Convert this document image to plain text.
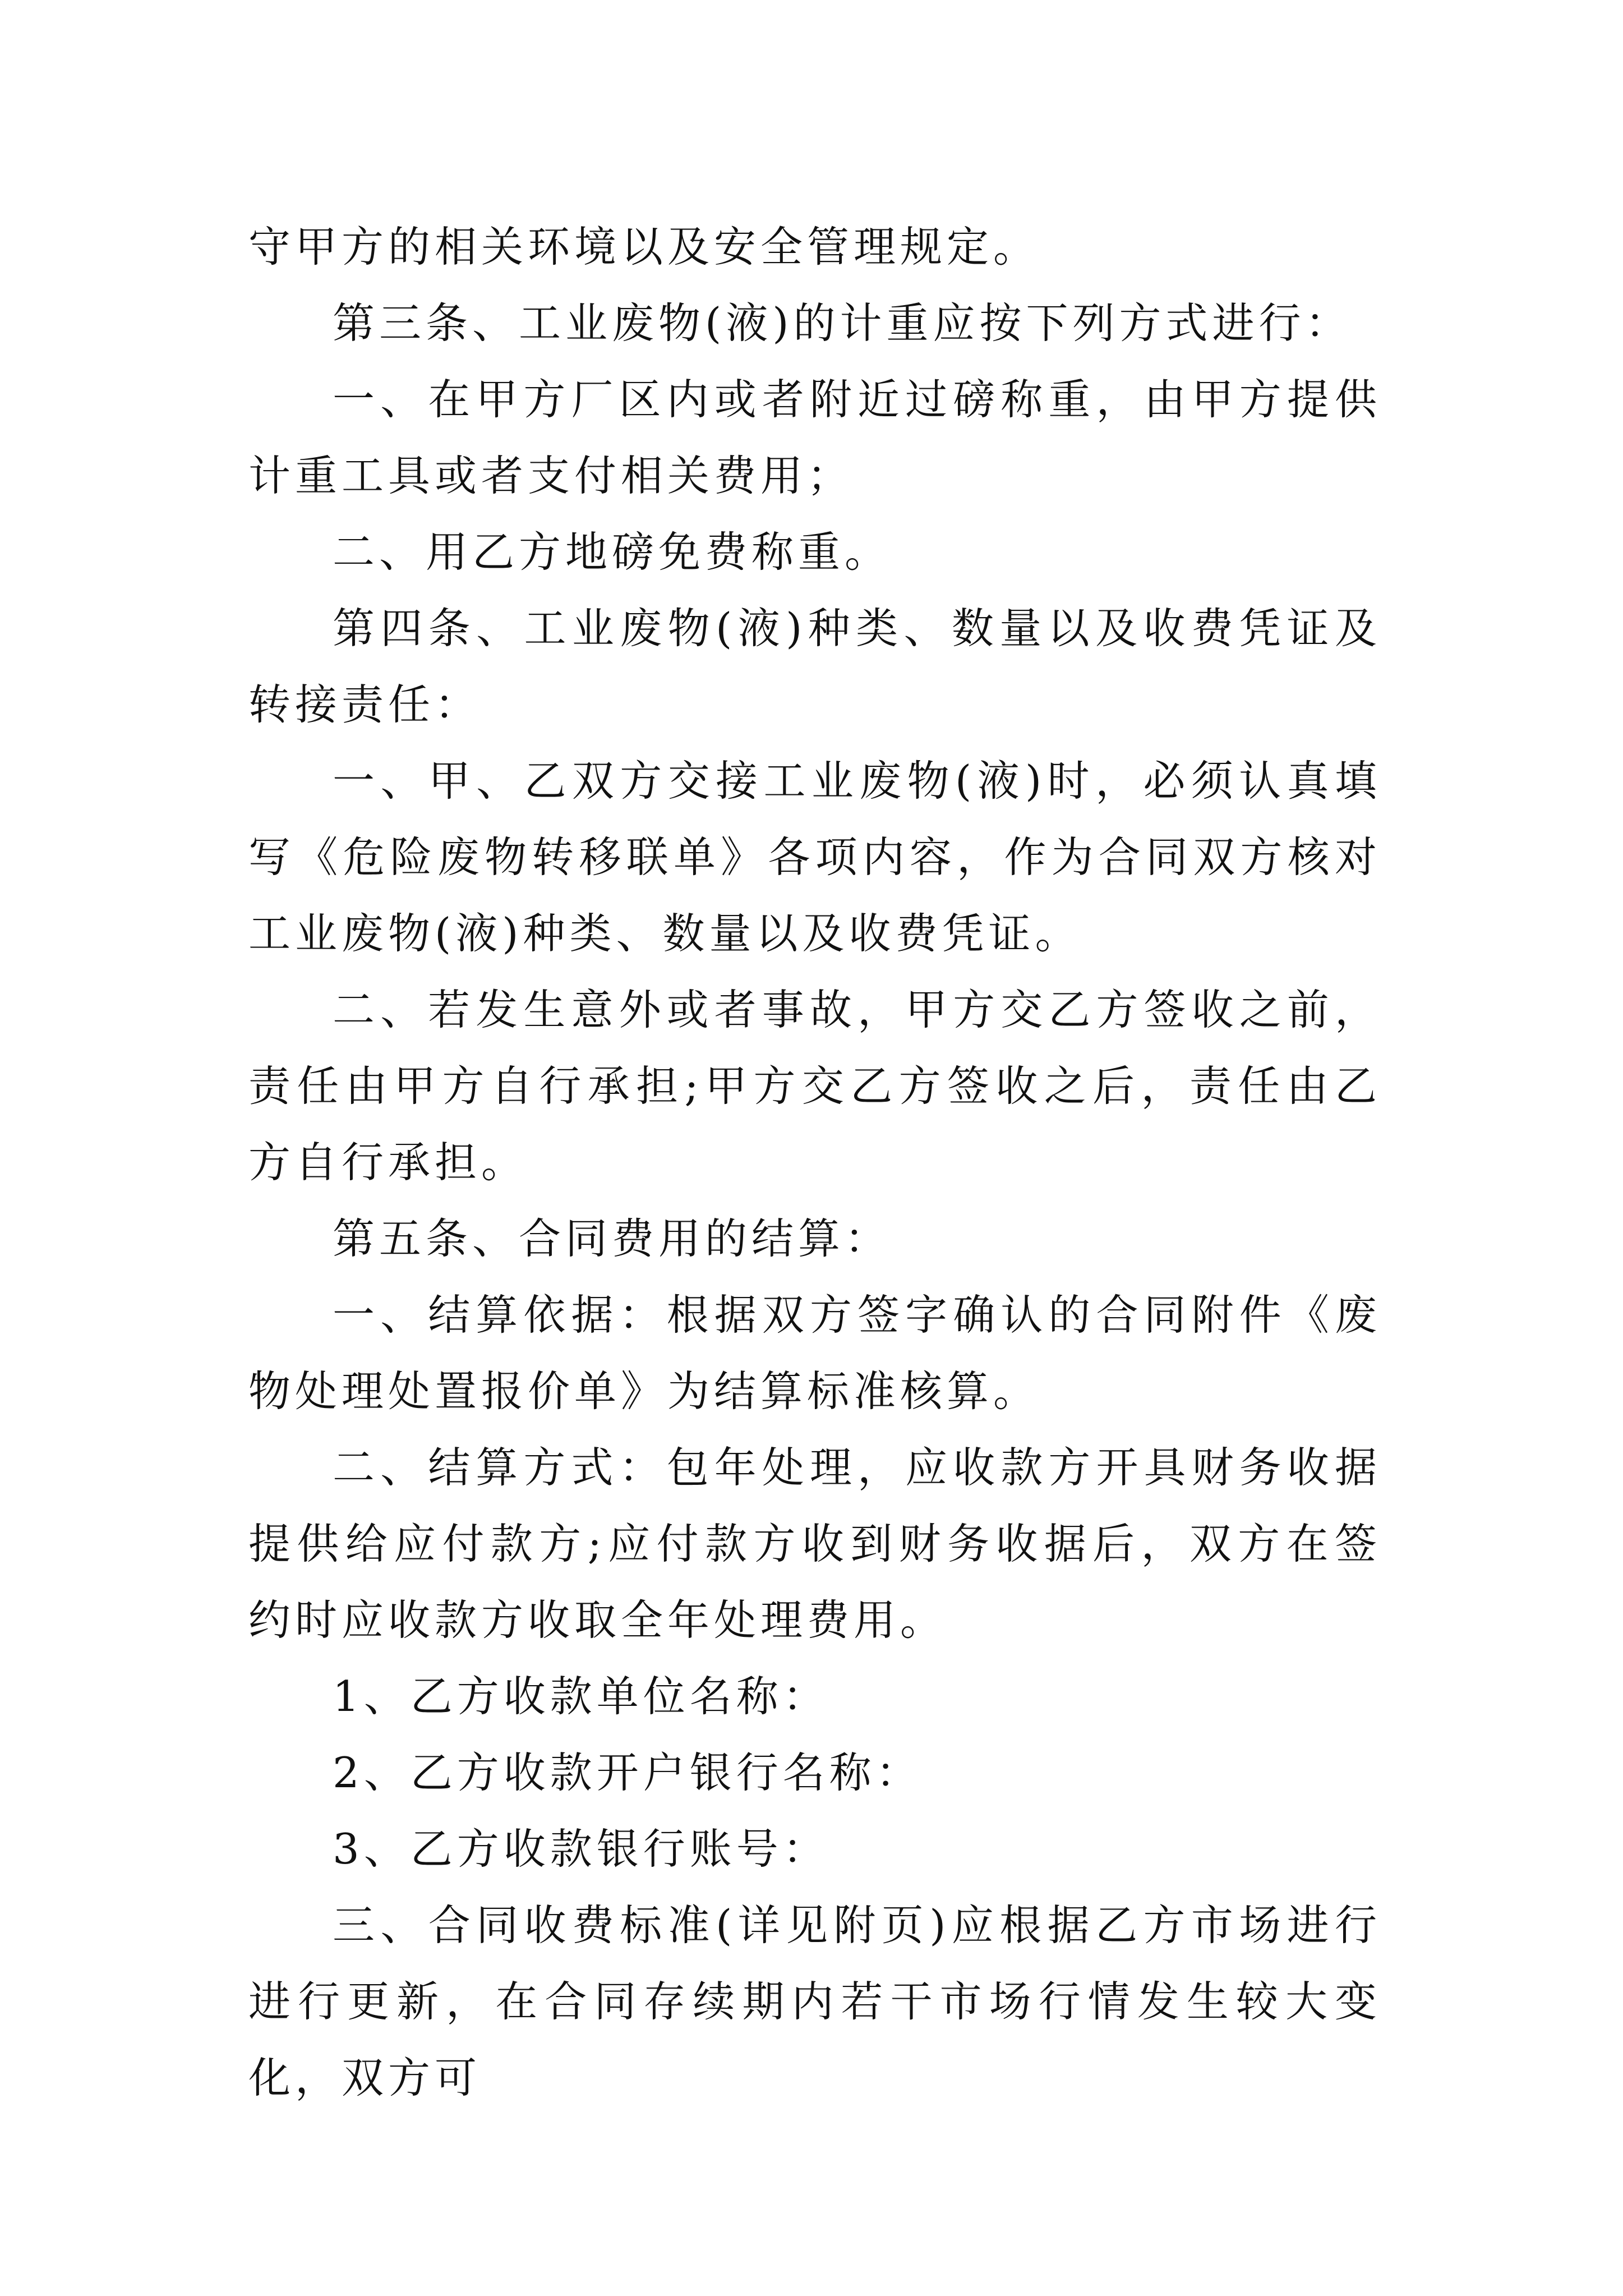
守甲方的相关环境以及安全管理规定。

第三条、工业废物(液)的计重应按下列方式进行：

一、在甲方厂区内或者附近过磅称重，由甲方提供计重工具或者支付相关费用；

二、用乙方地磅免费称重。

第四条、工业废物(液)种类、数量以及收费凭证及转接责任：

一、甲、乙双方交接工业废物(液)时，必须认真填写《危险废物转移联单》各项内容，作为合同双方核对工业废物(液)种类、数量以及收费凭证。

二、若发生意外或者事故，甲方交乙方签收之前，责任由甲方自行承担;甲方交乙方签收之后，责任由乙方自行承担。

第五条、合同费用的结算：

一、结算依据：根据双方签字确认的合同附件《废物处理处置报价单》为结算标准核算。

二、结算方式：包年处理，应收款方开具财务收据提供给应付款方;应付款方收到财务收据后，双方在签约时应收款方收取全年处理费用。

1、乙方收款单位名称：

2、乙方收款开户银行名称：

3、乙方收款银行账号：

三、合同收费标准(详见附页)应根据乙方市场进行进行更新，在合同存续期内若干市场行情发生较大变化，双方可
